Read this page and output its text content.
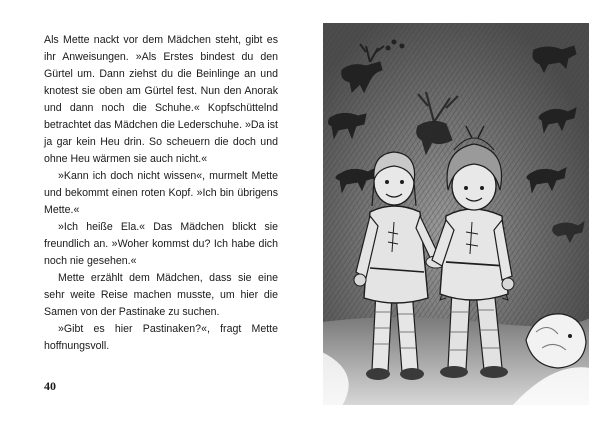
Als Mette nackt vor dem Mädchen steht, gibt es ihr Anweisungen. »Als Erstes bindest du den Gürtel um. Dann ziehst du die Beinlinge an und knotest sie oben am Gürtel fest. Nun den Anorak und dann noch die Schuhe.« Kopfschüttelnd betrachtet das Mädchen die Lederschuhe. »Da ist ja gar kein Heu drin. So scheuern die doch und ohne Heu wärmen sie auch nicht.«

»Kann ich doch nicht wissen«, murmelt Mette und bekommt einen roten Kopf. »Ich bin übrigens Mette.«

»Ich heiße Ela.« Das Mädchen blickt sie freundlich an. »Woher kommst du? Ich habe dich noch nie gesehen.«

Mette erzählt dem Mädchen, dass sie eine sehr weite Reise machen musste, um hier die Samen von der Pastinake zu suchen.

»Gibt es hier Pastinaken?«, fragt Mette hoffnungsvoll.

40
